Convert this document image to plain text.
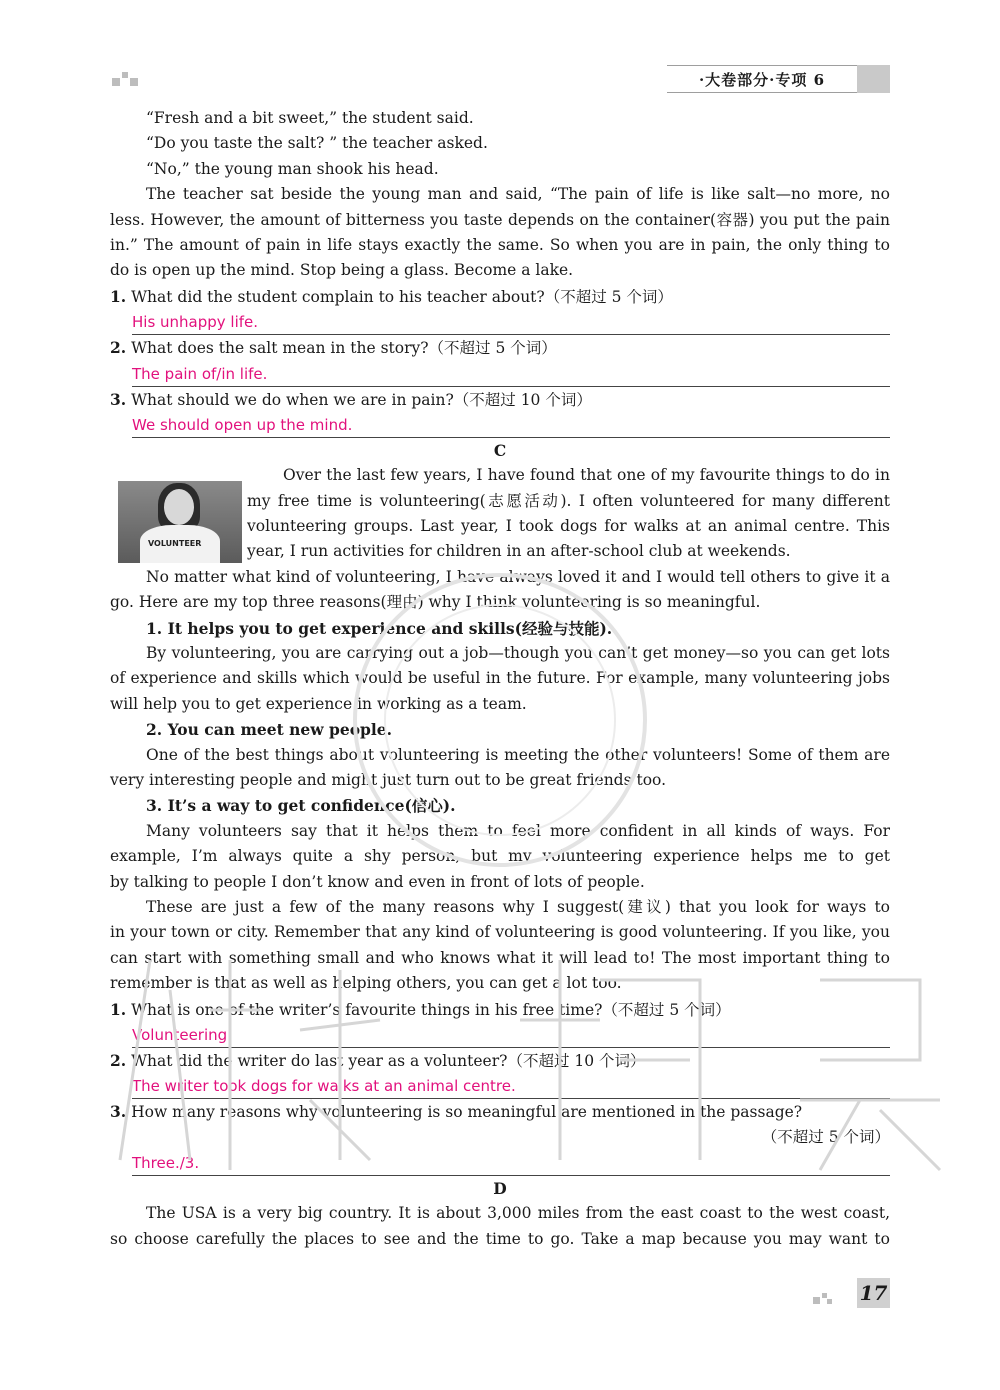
·大卷部分·专项 6
VOLUNTEER
“Fresh and a bit sweet,” the student said.
“Do you taste the salt? ” the teacher asked.
“No,” the young man shook his head.
The teacher sat beside the young man and said, “The pain of life is like salt—no more, no
less. However, the amount of bitterness you taste depends on the container(容器) you put the pain
in.” The amount of pain in life stays exactly the same. So when you are in pain, the only thing to
do is open up the mind. Stop being a glass. Become a lake.
1. What did the student complain to his teacher about?（不超过 5 个词）
His unhappy life.
2. What does the salt mean in the story?（不超过 5 个词）
The pain of/in life.
3. What should we do when we are in pain?（不超过 10 个词）
We should open up the mind.
C
Over the last few years, I have found that one of my favourite things to do in
my free time is volunteering(志愿活动). I often volunteered for many different
volunteering groups. Last year, I took dogs for walks at an animal centre. This
year, I run activities for children in an after-school club at weekends.
No matter what kind of volunteering, I have always loved it and I would tell others to give it a
go. Here are my top three reasons(理由) why I think volunteering is so meaningful.
1. It helps you to get experience and skills(经验与技能).
By volunteering, you are carrying out a job—though you can’t get money—so you can get lots
of experience and skills which would be useful in the future. For example, many volunteering jobs
will help you to get experience in working as a team.
2. You can meet new people.
One of the best things about volunteering is meeting the other volunteers! Some of them are
very interesting people and might just turn out to be great friends too.
3. It’s a way to get confidence(信心).
Many volunteers say that it helps them to feel more confident in all kinds of ways. For
example, I’m always quite a shy person, but my volunteering experience helps me to get
by talking to people I don’t know and even in front of lots of people.
These are just a few of the many reasons why I suggest(建议) that you look for ways to
in your town or city. Remember that any kind of volunteering is good volunteering. If you like, you
can start with something small and who knows what it will lead to! The most important thing to
remember is that as well as helping others, you can get a lot too.
1. What is one of the writer’s favourite things in his free time?（不超过 5 个词）
Volunteering.
2. What did the writer do last year as a volunteer?（不超过 10 个词）
The writer took dogs for walks at an animal centre.
3. How many reasons why volunteering is so meaningful are mentioned in the passage?
（不超过 5 个词）
Three./3.
D
The USA is a very big country. It is about 3,000 miles from the east coast to the west coast,
so choose carefully the places to see and the time to go. Take a map because you may want to
17
